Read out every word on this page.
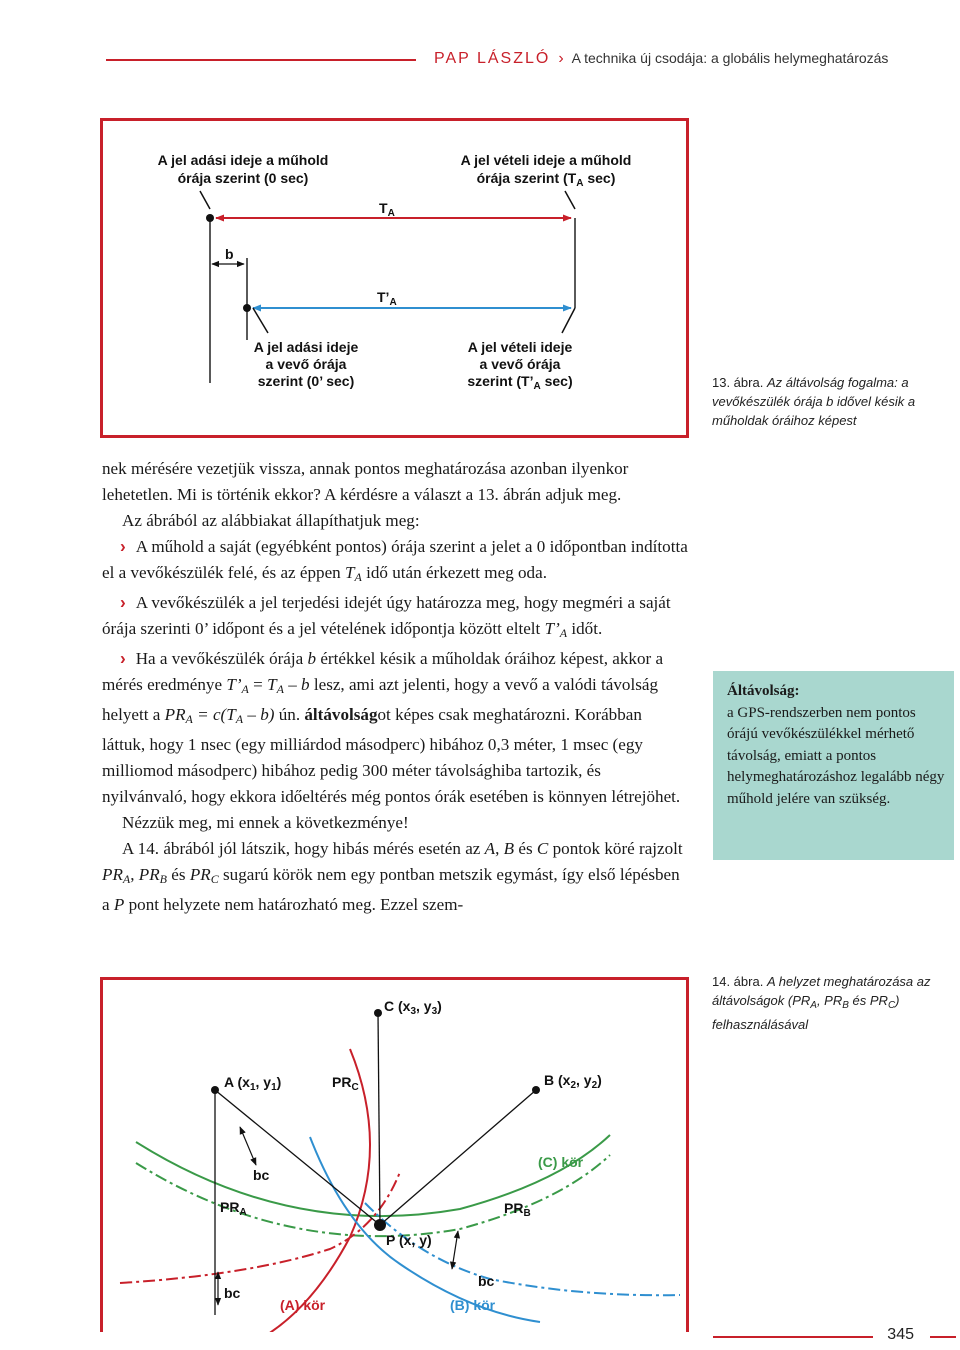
PAP LÁSZLÓ › A technika új csodája: a globális helymeghatározás
A jel adási ideje a műhold
órája szerint (0 sec)
A jel vételi ideje a műhold
órája szerint ($T_A$ sec)
$T_A$
b
$T’_A$
A jel adási ideje
a vevő órája
szerint (0’ sec)
A jel vételi ideje
a vevő órája
szerint ($T’_A$ sec)	13. ábra. Az áltávolság fogalma: a vevőkészülék órája b idővel késik a műholdak óráihoz képest

nek mérésére vezetjük vissza, annak pontos meghatározása azonban ilyenkor lehetetlen. Mi is történik ekkor? A kérdésre a választ a 13. ábrán adjuk meg.

Az ábrából az alábbiakat állapíthatjuk meg:

› A műhold a saját (egyébként pontos) órája szerint a jelet a 0 időpontban indította el a vevőkészülék felé, és az éppen TA idő után érkezett meg oda.

› A vevőkészülék a jel terjedési idejét úgy határozza meg, hogy megméri a saját órája szerinti 0’ időpont és a jel vételének időpontja között eltelt T’A időt.

› Ha a vevőkészülék órája b értékkel késik a műholdak óráihoz képest, akkor a mérés eredménye T’A = TA – b lesz, ami azt jelenti, hogy a vevő a valódi távolság helyett a PRA = c(TA – b) ún. áltávolságot képes csak meghatározni. Korábban láttuk, hogy 1 nsec (egy milliárdod másodperc) hibához 0,3 méter, 1 msec (egy milliomod másodperc) hibához pedig 300 méter távolsághiba tartozik, és nyilvánvaló, hogy ekkora időeltérés még pontos órák esetében is könnyen létrejöhet.

Nézzük meg, mi ennek a következménye!

A 14. ábrából jól látszik, hogy hibás mérés esetén az A, B és C pontok köré rajzolt PRA, PRB és PRC sugarú körök nem egy pontban metszik egymást, így első lépésben a P pont helyzete nem határozható meg. Ezzel szem-

Áltávolság:
a GPS-rendszerben nem pontos órájú vevőkészülékkel mérhető távolság, emiatt a pontos helymeghatározáshoz legalább négy műhold jelére van szükség.
14. ábra. A helyzet meghatározása az áltávolságok ($PR_A$, $PR_B$ és $PR_C$) felhasználásával
C ($x_3$, $y_3$)
A ($x_1$, $y_1$)	$PR_C$	B ($x_2$, $y_2$)
bc
(C) kör
$PR_A$	$PR_B$
P (x, y)
bc
bc
(A) kör	(B) kör
345
